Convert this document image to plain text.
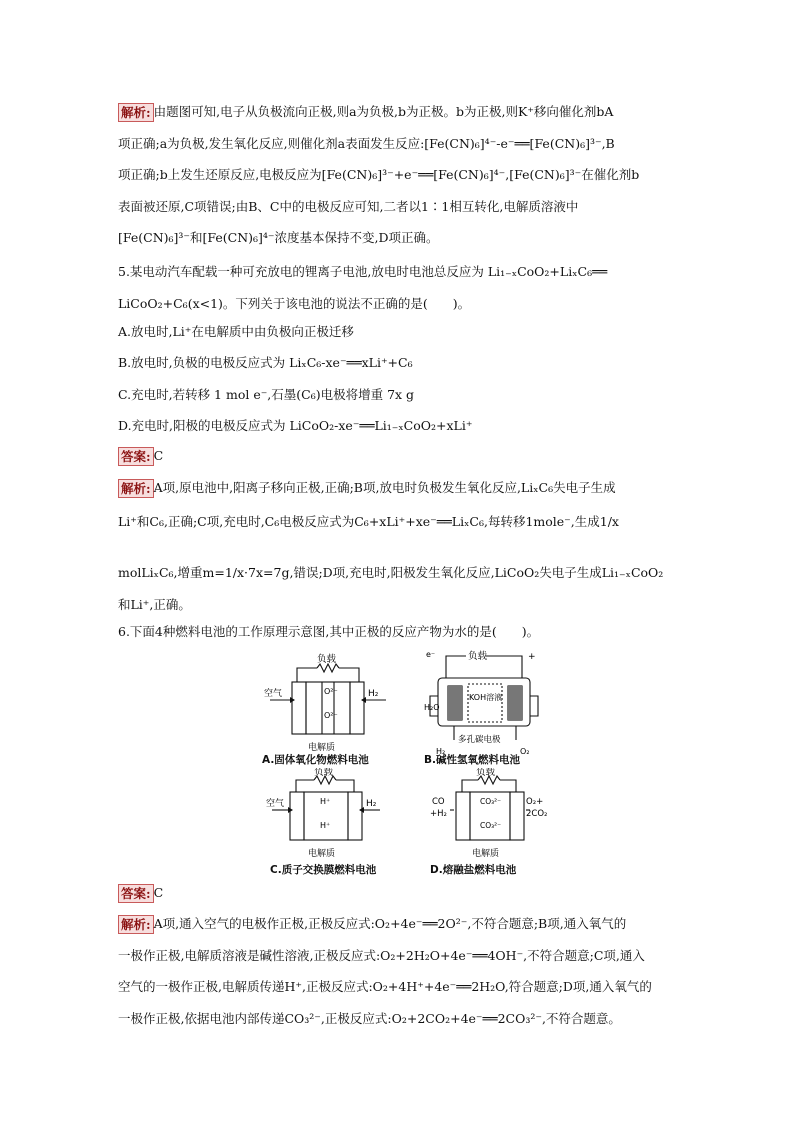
解析: 由题图可知,电子从负极流向正极,则a为负极,b为正极。b为正极,则K⁺移向催化剂bA
项正确;a为负极,发生氧化反应,则催化剂a表面发生反应:[Fe(CN)₆]⁴⁻-e⁻══[Fe(CN)₆]³⁻,B
项正确;b上发生还原反应,电极反应为[Fe(CN)₆]³⁻+e⁻══[Fe(CN)₆]⁴⁻,[Fe(CN)₆]³⁻在催化剂b
表面被还原,C项错误;由B、C中的电极反应可知,二者以1∶1相互转化,电解质溶液中
[Fe(CN)₆]³⁻和[Fe(CN)₆]⁴⁻浓度基本保持不变,D项正确。
5.某电动汽车配载一种可充放电的锂离子电池,放电时电池总反应为 Li₁₋ₓCoO₂+LiₓC₆══
LiCoO₂+C₆(x<1)。下列关于该电池的说法不正确的是(　　)。
A.放电时,Li⁺在电解质中由负极向正极迁移
B.放电时,负极的电极反应式为 LiₓC₆-xe⁻══xLi⁺+C₆
C.充电时,若转移 1 mol e⁻,石墨(C₆)电极将增重 7x g
D.充电时,阳极的电极反应式为 LiCoO₂-xe⁻══Li₁₋ₓCoO₂+xLi⁺
答案: C
解析: A项,原电池中,阳离子移向正极,正确;B项,放电时负极发生氧化反应,LiₓC₆失电子生成
Li⁺和C₆,正确;C项,充电时,C₆电极反应式为C₆+xLi⁺+xe⁻══LiₓC₆,每转移1mole⁻,生成1/x
molLiₓC₆,增重m=1/x·7x=7g,错误;D项,充电时,阳极发生氧化反应,LiCoO₂失电子生成Li₁₋ₓCoO₂
和Li⁺,正确。
6.下面4种燃料电池的工作原理示意图,其中正极的反应产物为水的是(　　)。
负载
空气	H₂
O²⁻
O²⁻
电解质
A.固体氧化物燃料电池
e⁻	负载	+
KOH溶液
H₂O
H₂
多孔碳电极
O₂
B.碱性氢氧燃料电池
负载
空气	H₂
H⁺
H⁺
电解质
C.质子交换膜燃料电池
负载
CO
+H₂
O₂+
2CO₂
CO₃²⁻
CO₃²⁻
电解质
D.熔融盐燃料电池
答案: C
解析: A项,通入空气的电极作正极,正极反应式:O₂+4e⁻══2O²⁻,不符合题意;B项,通入氧气的
一极作正极,电解质溶液是碱性溶液,正极反应式:O₂+2H₂O+4e⁻══4OH⁻,不符合题意;C项,通入
空气的一极作正极,电解质传递H⁺,正极反应式:O₂+4H⁺+4e⁻══2H₂O,符合题意;D项,通入氧气的
一极作正极,依据电池内部传递CO₃²⁻,正极反应式:O₂+2CO₂+4e⁻══2CO₃²⁻,不符合题意。
